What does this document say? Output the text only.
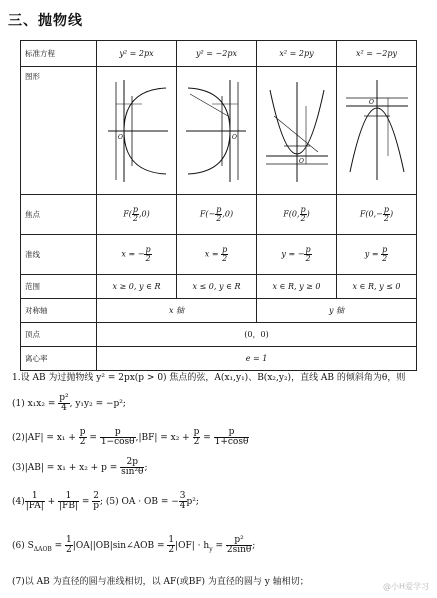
三、抛物线
标准方程	y² = 2px	y² = −2px	x² = 2py	x² = −2py
图形	O	O	O	O

焦点	$F( \frac{p}{2} ,0)$	$F(- \frac{p}{2} ,0)$	F(0, $\frac{p}{2}$ )	$F(0,- \frac{p}{2}$ )
准线	x = − $\frac{p}{2}$	$x = \frac{p}{2}$	y = − $\frac{p}{2}$	$y = \frac{p}{2}$

范围	x ≥ 0, y ∈ R	x ≤ 0, y ∈ R	x ∈ R, y ≥ 0	x ∈ R, y ≤ 0
对称轴	x 轴		y 轴	
顶点	(0，0)			
离心率	e = 1			
1.设 AB 为过抛物线 y² = 2px(p > 0) 焦点的弦，A(x₁,y₁)、B(x₂,y₂)，直线 AB 的倾斜角为θ，则
(1) $x_1x_2 = \frac{\text{p²}}{4}$ , y₁y₂ = −p²;
$(2)|AF| = x_1 + \frac{p}{2} = \frac{p}{1-\cos\theta} ,|BF| = x_2 + \frac{p}{2} = \frac{p}{1+\cos\theta}$
$(3)|AB| = x_1 + x_2 + p = \frac{2p}{\text{sin²θ}}$ ;
$(4) \frac{1}{|FA|} + \frac{1}{|FB|} = \frac{2}{p}$ ; (5) OA · OB = − $\frac{3}{4} p^2$;
(6) $S_{\Delta AOB} = \frac{1}{2}$ |OA||OB|sin∠AOB = $\frac{1}{2} |OF| \cdot h_y = \frac{\text{p²}}{2\sin\theta}$ ;
(7)以 AB 为直径的圆与准线相切，以 AF(或BF) 为直径的圆与 y 轴相切；	@小H爱学习
